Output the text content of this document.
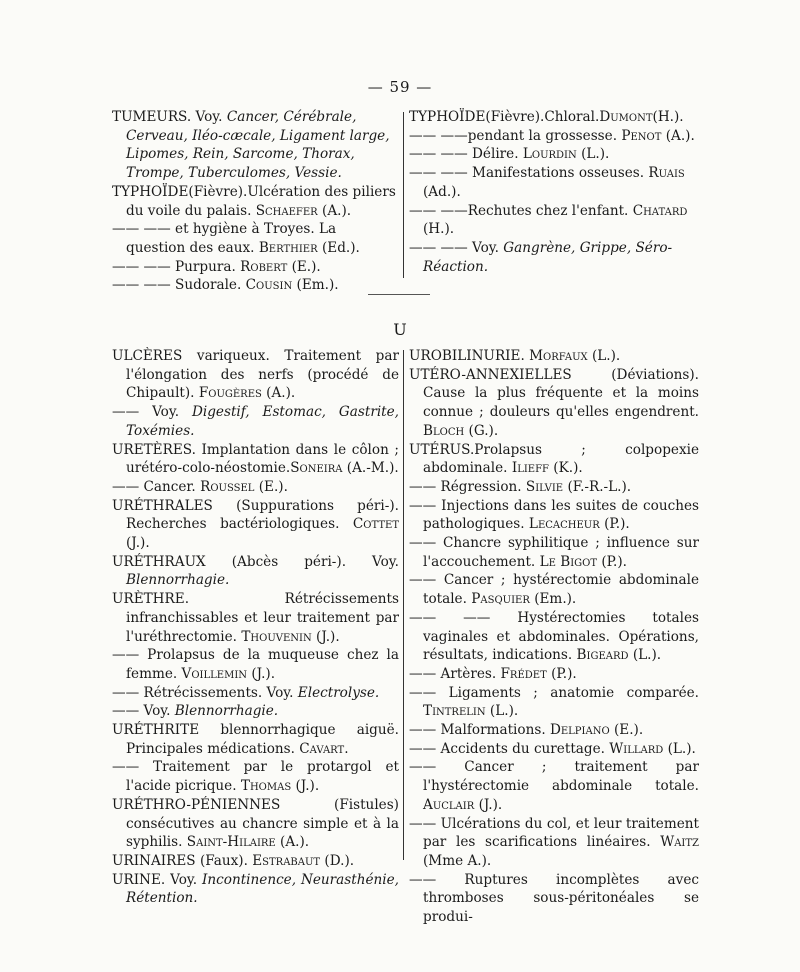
— 59 —
TUMEURS. Voy. Cancer, Cérébrale, Cerveau, Iléo-cæcale, Ligament large, Lipomes, Rein, Sarcome, Thorax, Trompe, Tuberculomes, Vessie.
TYPHOÏDE(Fièvre).Ulcération des piliers du voile du palais. Schaefer (A.).
—— —— et hygiène à Troyes. La question des eaux. Berthier (Ed.).
—— —— Purpura. Robert (E.).
—— —— Sudorale. Cousin (Em.).
TYPHOÏDE(Fièvre).Chloral.Dumont(H.).
—— ——pendant la grossesse. Penot (A.).
—— —— Délire. Lourdin (L.).
—— —— Manifestations osseuses. Ruais (Ad.).
—— ——Rechutes chez l'enfant. Chatard (H.).
—— —— Voy. Gangrène, Grippe, Séro-Réaction.
U
ULCÈRES variqueux. Traitement par l'élongation des nerfs (procédé de Chipault). Fougères (A.).
—— Voy. Digestif, Estomac, Gastrite, Toxémies.
URETÈRES. Implantation dans le côlon ; urétéro-colo-néostomie.Soneira (A.-M.).
—— Cancer. Roussel (E.).
URÉTHRALES (Suppurations péri-). Recherches bactériologiques. Cottet (J.).
URÉTHRAUX (Abcès péri-). Voy. Blennorrhagie.
URÈTHRE. Rétrécissements infranchissables et leur traitement par l'uréthrectomie. Thouvenin (J.).
—— Prolapsus de la muqueuse chez la femme. Voillemin (J.).
—— Rétrécissements. Voy. Electrolyse.
—— Voy. Blennorrhagie.
URÉTHRITE blennorrhagique aiguë. Principales médications. Cavart.
—— Traitement par le protargol et l'acide picrique. Thomas (J.).
URÉTHRO-PÉNIENNES (Fistules) consécutives au chancre simple et à la syphilis. Saint-Hilaire (A.).
URINAIRES (Faux). Estrabaut (D.).
URINE. Voy. Incontinence, Neurasthénie, Rétention.
UROBILINURIE. Morfaux (L.).
UTÉRO-ANNEXIELLES (Déviations). Cause la plus fréquente et la moins connue ; douleurs qu'elles engendrent. Bloch (G.).
UTÉRUS.Prolapsus ; colpopexie abdominale. Ilieff (K.).
—— Régression. Silvie (F.-R.-L.).
—— Injections dans les suites de couches pathologiques. Lecacheur (P.).
—— Chancre syphilitique ; influence sur l'accouchement. Le Bigot (P.).
—— Cancer ; hystérectomie abdominale totale. Pasquier (Em.).
—— —— Hystérectomies totales vaginales et abdominales. Opérations, résultats, indications. Bigeard (L.).
—— Artères. Frédet (P.).
—— Ligaments ; anatomie comparée. Tintrelin (L.).
—— Malformations. Delpiano (E.).
—— Accidents du curettage. Willard (L.).
—— Cancer ; traitement par l'hystérectomie abdominale totale. Auclair (J.).
—— Ulcérations du col, et leur traitement par les scarifications linéaires. Waitz (Mme A.).
—— Ruptures incomplètes avec thromboses sous-péritonéales se produi-
